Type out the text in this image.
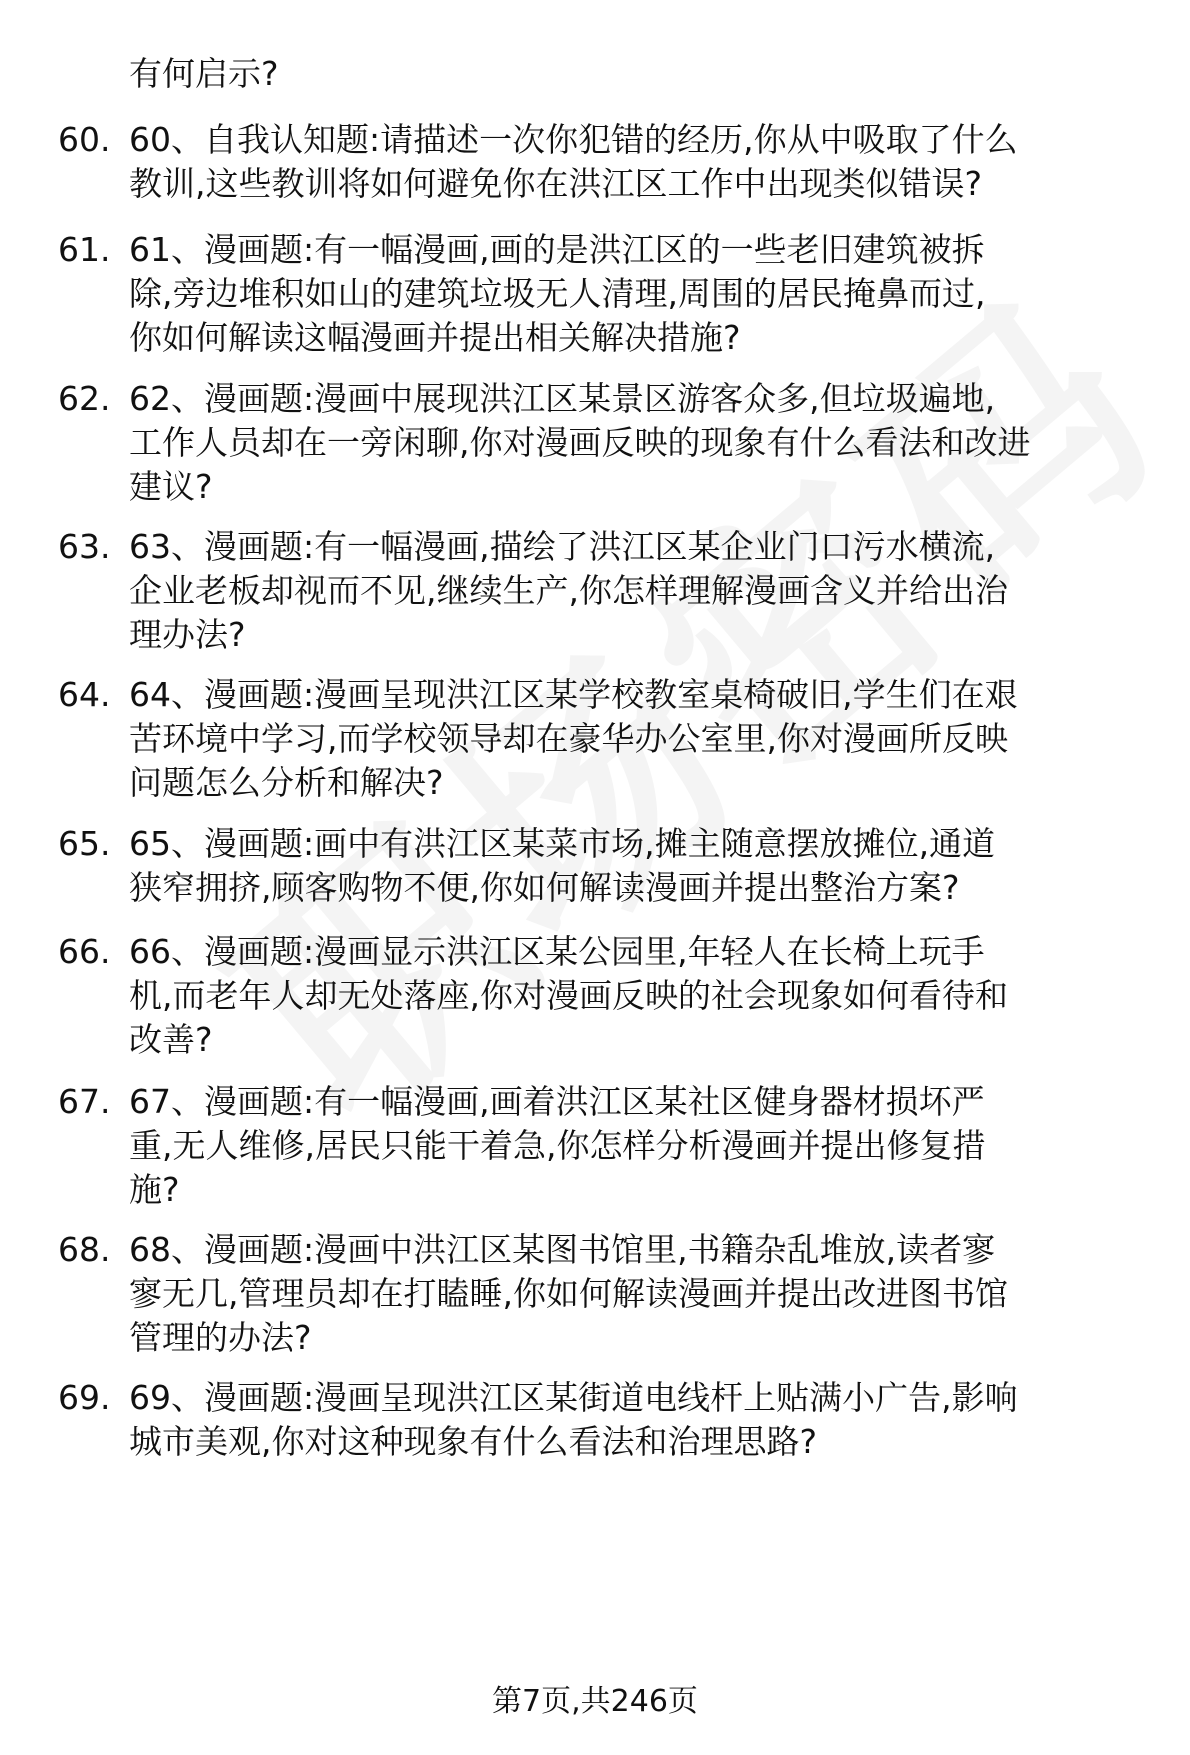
有何启示?
60. 60、自我认知题:请描述一次你犯错的经历,你从中吸取了什么
教训,这些教训将如何避免你在洪江区工作中出现类似错误?
61. 61、漫画题:有一幅漫画,画的是洪江区的一些老旧建筑被拆
除,旁边堆积如山的建筑垃圾无人清理,周围的居民掩鼻而过,
你如何解读这幅漫画并提出相关解决措施?
62. 62、漫画题:漫画中展现洪江区某景区游客众多,但垃圾遍地,
工作人员却在一旁闲聊,你对漫画反映的现象有什么看法和改进
建议?
63. 63、漫画题:有一幅漫画,描绘了洪江区某企业门口污水横流,
企业老板却视而不见,继续生产,你怎样理解漫画含义并给出治
理办法?
64. 64、漫画题:漫画呈现洪江区某学校教室桌椅破旧,学生们在艰
苦环境中学习,而学校领导却在豪华办公室里,你对漫画所反映
问题怎么分析和解决?
65. 65、漫画题:画中有洪江区某菜市场,摊主随意摆放摊位,通道
狭窄拥挤,顾客购物不便,你如何解读漫画并提出整治方案?
66. 66、漫画题:漫画显示洪江区某公园里,年轻人在长椅上玩手
机,而老年人却无处落座,你对漫画反映的社会现象如何看待和
改善?
67. 67、漫画题:有一幅漫画,画着洪江区某社区健身器材损坏严
重,无人维修,居民只能干着急,你怎样分析漫画并提出修复措
施?
68. 68、漫画题:漫画中洪江区某图书馆里,书籍杂乱堆放,读者寥
寥无几,管理员却在打瞌睡,你如何解读漫画并提出改进图书馆
管理的办法?
69. 69、漫画题:漫画呈现洪江区某街道电线杆上贴满小广告,影响
城市美观,你对这种现象有什么看法和治理思路?
第7页,共246页
